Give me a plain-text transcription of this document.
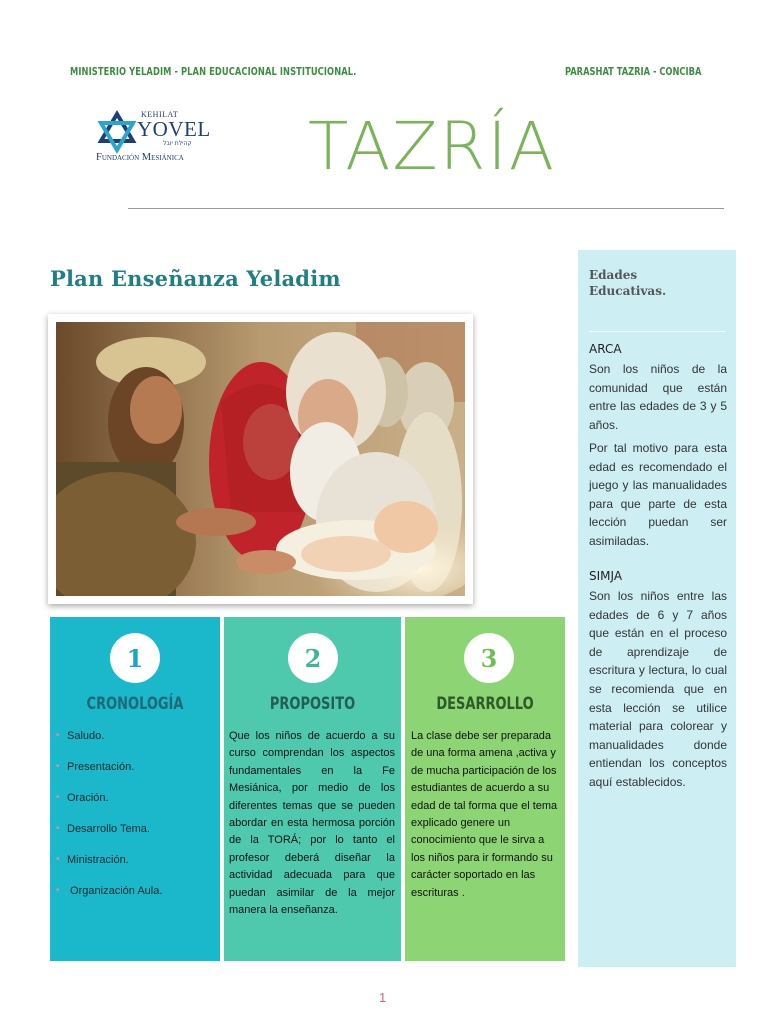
MINISTERIO YELADIM - PLAN EDUCACIONAL INSTITUCIONAL.	PARASHAT TAZRIA - CONCIBA
KEHILAT
YOVEL
קהילת יובל
Fundación Mesiánica TAZRÍA
Plan Enseñanza Yeladim
1
CRONOLOGÍA
• Saludo.
• Presentación.
• Oración.
• Desarrollo Tema.
• Ministración.
•  Organización Aula.
2
PROPOSITO
Que los niños de acuerdo a su curso comprendan los aspectos fundamentales en la Fe Mesiánica, por medio de los diferentes temas que se pueden abordar en esta hermosa porción de la TORÁ; por lo tanto el profesor deberá diseñar la actividad adecuada para que puedan asimilar de la mejor manera la enseñanza.
3
DESARROLLO
La clase debe ser preparada de una forma amena ,activa y de mucha participación de los estudiantes de acuerdo a su edad de tal forma que el tema explicado genere un conocimiento que le sirva a los niños para ir formando su carácter soportado en las escrituras .
Edades Educativas.
ARCA
Son los niños de la comunidad que están entre las edades de 3 y 5 años.
Por tal motivo para esta edad es recomendado el juego y las manualidades para que parte de esta lección puedan ser asimiladas.
SIMJA
Son los niños entre las edades de 6 y 7 años que están en el proceso de aprendizaje de escritura y lectura, lo cual se recomienda que en esta lección se utilice material para colorear y manualidades donde entiendan los conceptos aquí establecidos.
1
